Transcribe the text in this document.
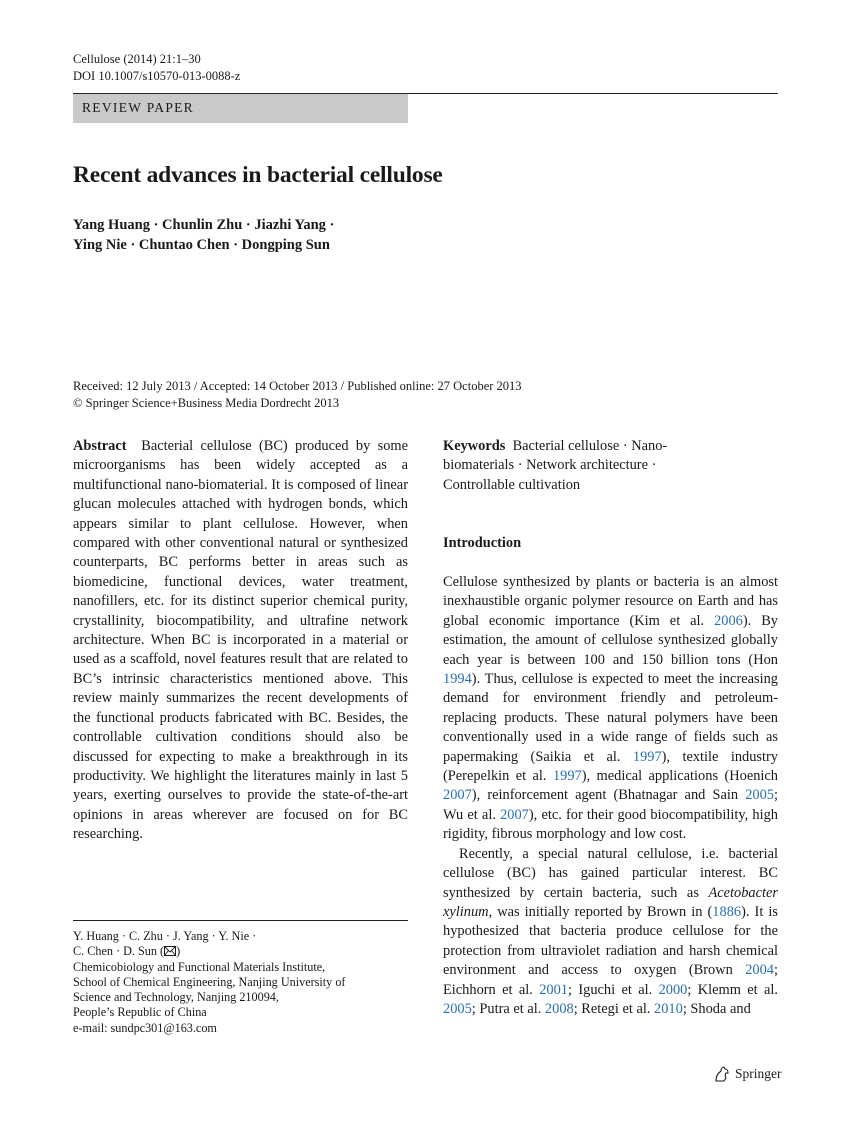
Cellulose (2014) 21:1–30
DOI 10.1007/s10570-013-0088-z
REVIEW PAPER
Recent advances in bacterial cellulose
Yang Huang · Chunlin Zhu · Jiazhi Yang ·
Ying Nie · Chuntao Chen · Dongping Sun
Received: 12 July 2013 / Accepted: 14 October 2013 / Published online: 27 October 2013
© Springer Science+Business Media Dordrecht 2013

Abstract Bacterial cellulose (BC) produced by some microorganisms has been widely accepted as a multifunctional nano-biomaterial. It is composed of linear glucan molecules attached with hydrogen bonds, which appears similar to plant cellulose. However, when compared with other conventional natural or synthesized counterparts, BC performs better in areas such as biomedicine, functional devices, water treatment, nanofillers, etc. for its distinct superior chemical purity, crystallinity, biocompatibility, and ultrafine network architecture. When BC is incorporated in a material or used as a scaffold, novel features result that are related to BC’s intrinsic characteristics mentioned above. This review mainly summarizes the recent developments of the functional products fabricated with BC. Besides, the controllable cultivation conditions should also be discussed for expecting to make a breakthrough in its productivity. We highlight the literatures mainly in last 5 years, exerting ourselves to provide the state-of-the-art opinions in areas wherever are focused on for BC researching.

Keywords Bacterial cellulose · Nano-
biomaterials · Network architecture ·
Controllable cultivation
Introduction

Cellulose synthesized by plants or bacteria is an almost inexhaustible organic polymer resource on Earth and has global economic importance (Kim et al. 2006). By estimation, the amount of cellulose synthesized globally each year is between 100 and 150 billion tons (Hon 1994). Thus, cellulose is expected to meet the increasing demand for environment friendly and petroleum-replacing products. These natural polymers have been conventionally used in a wide range of fields such as papermaking (Saikia et al. 1997), textile industry (Perepelkin et al. 1997), medical applications (Hoenich 2007), reinforcement agent (Bhatnagar and Sain 2005; Wu et al. 2007), etc. for their good biocompatibility, high rigidity, fibrous morphology and low cost.

Recently, a special natural cellulose, i.e. bacterial cellulose (BC) has gained particular interest. BC synthesized by certain bacteria, such as Acetobacter xylinum, was initially reported by Brown in (1886). It is hypothesized that bacteria produce cellulose for the protection from ultraviolet radiation and harsh chemical environment and access to oxygen (Brown 2004; Eichhorn et al. 2001; Iguchi et al. 2000; Klemm et al. 2005; Putra et al. 2008; Retegi et al. 2010; Shoda and

Y. Huang · C. Zhu · J. Yang · Y. Nie ·
C. Chen · D. Sun ( )
Chemicobiology and Functional Materials Institute,
School of Chemical Engineering, Nanjing University of
Science and Technology, Nanjing 210094,
People’s Republic of China
e-mail: sundpc301@163.com
Springer
